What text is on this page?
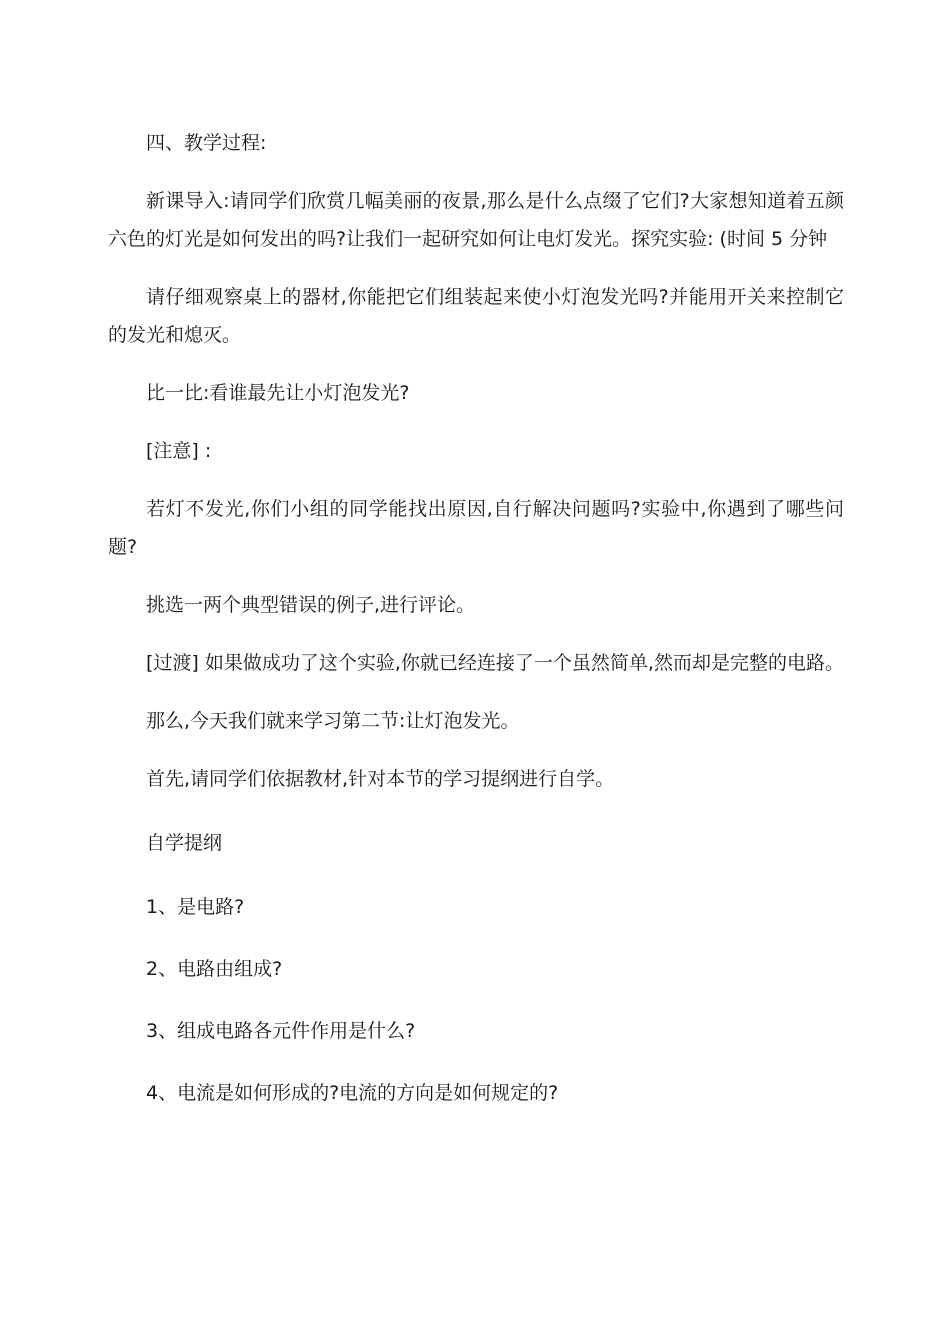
四、教学过程:

新课导入:请同学们欣赏几幅美丽的夜景,那么是什么点缀了它们?大家想知道着五颜六色的灯光是如何发出的吗?让我们一起研究如何让电灯发光。探究实验: (时间 5 分钟

请仔细观察桌上的器材,你能把它们组装起来使小灯泡发光吗?并能用开关来控制它的发光和熄灭。

比一比:看谁最先让小灯泡发光?

[注意] :

若灯不发光,你们小组的同学能找出原因,自行解决问题吗?实验中,你遇到了哪些问题?

挑选一两个典型错误的例子,进行评论。

[过渡] 如果做成功了这个实验,你就已经连接了一个虽然简单,然而却是完整的电路。

那么,今天我们就来学习第二节:让灯泡发光。

首先,请同学们依据教材,针对本节的学习提纲进行自学。

自学提纲

1、是电路?

2、电路由组成?

3、组成电路各元件作用是什么?

4、电流是如何形成的?电流的方向是如何规定的?
